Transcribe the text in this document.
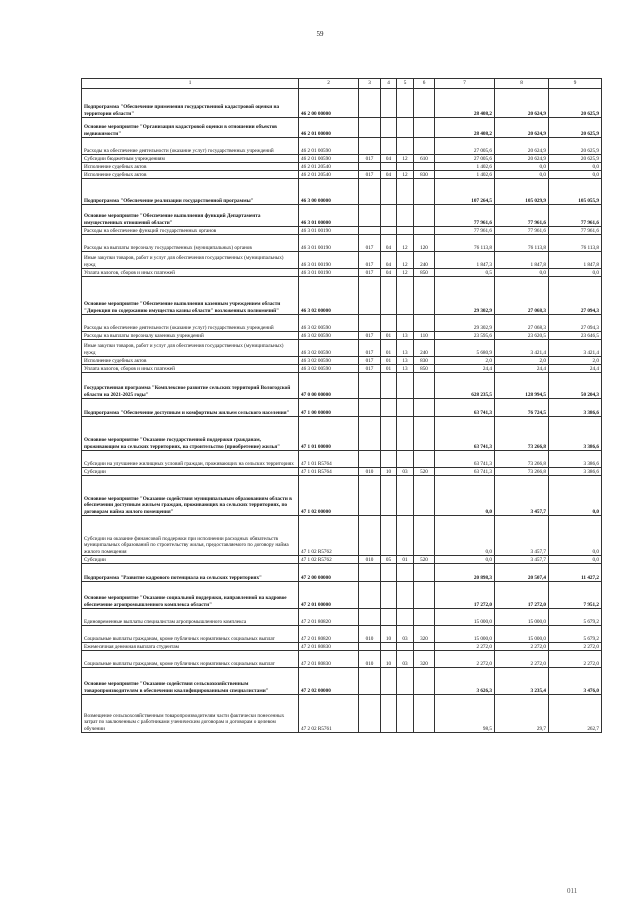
59
1	2	3	4	5	6	7	8	9
Подпрограмма "Обеспечение применения государственной кадастровой оценки на территории области"	46 2 00 00000					28 408,2	20 624,9	20 625,9
Основное мероприятие "Организация кадастровой оценки в отношении объектов недвижимости"	46 2 01 00000					28 408,2	20 624,9	20 625,9
Расходы на обеспечение деятельности (оказание услуг) государственных учреждений	46 2 01 00590					27 005,6	20 624,9	20 625,9
Субсидии бюджетным учреждениям	46 2 01 00590	017	04	12	610	27 005,6	20 624,9	20 625,9
Исполнение судебных актов	46 2 01 20540					1 402,6	0,0	0,0
Исполнение судебных актов	46 2 01 20540	017	04	12	830	1 402,6	0,0	0,0
Подпрограмма "Обеспечение реализации государственной программы"	46 3 00 00000					107 264,5	105 029,9	105 055,9
Основное мероприятие "Обеспечение выполнения функций Департамента имущественных отношений области"	46 3 01 00000					77 961,6	77 961,6	77 961,6
Расходы на обеспечение функций государственных органов	46 3 01 00190					77 961,6	77 961,6	77 961,6
Расходы на выплаты персоналу государственных (муниципальных) органов	46 3 01 00190	017	04	12	120	76 113,8	76 113,8	76 113,8
Иные закупки товаров, работ и услуг для обеспечения государственных (муниципальных) нужд	46 3 01 00190	017	04	12	240	1 847,3	1 847,8	1 847,8
Уплата налогов, сборов и иных платежей	46 3 01 00190	017	04	12	850	0,5	0,0	0,0
Основное мероприятие "Обеспечение выполнения казенным учреждением области "Дирекция по содержанию имущества казны области" возложенных полномочий"	46 3 02 00000					29 302,9	27 068,3	27 094,3
Расходы на обеспечение деятельности (оказание услуг) государственных учреждений	46 3 02 00590					29 302,9	27 068,3	27 094,3
Расходы на выплаты персоналу казенных учреждений	46 3 02 00590	017	01	13	110	23 595,6	23 620,5	23 646,5
Иные закупки товаров, работ и услуг для обеспечения государственных (муниципальных) нужд	46 3 02 00590	017	01	13	240	5 680,9	3 421,4	3 421,4
Исполнение судебных актов	46 3 02 00590	017	01	13	830	2,0	2,0	2,0
Уплата налогов, сборов и иных платежей	46 3 02 00590	017	01	13	850	24,4	24,4	24,4
Государственная программа "Комплексное развитие сельских территорий Вологодской области на 2021-2025 годы"	47 0 00 00000					628 235,5	128 994,5	50 204,3
Подпрограмма "Обеспечение доступным и комфортным жильем сельского населения"	47 1 00 00000					63 741,3	76 724,5	3 386,6
Основное мероприятие "Оказание государственной поддержки гражданам, проживающим на сельских территориях, на строительство (приобретение) жилья"	47 1 01 00000					63 741,3	73 266,8	3 386,6
Субсидии на улучшение жилищных условий граждан, проживающих на сельских территориях	47 1 01 R5764					63 741,3	73 266,8	3 386,6
Субсидии	47 1 01 R5764	010	10	03	520	63 741,3	73 266,8	3 386,6
Основное мероприятие "Оказание содействия муниципальным образованиям области в обеспечении доступным жильем граждан, проживающих на сельских территориях, по договорам найма жилого помещения"	47 1 02 00000					0,0	3 457,7	0,0
Субсидии на оказание финансовой поддержки при исполнении расходных обязательств муниципальных образований по строительству жилья, предоставляемого по договору найма жилого помещения	47 1 02 R5762					0,0	3 457,7	0,0
Субсидии	47 1 02 R5762	010	05	01	520	0,0	3 457,7	0,0
Подпрограмма "Развитие кадрового потенциала на сельских территориях"	47 2 00 00000					20 898,3	20 507,4	11 427,2
Основное мероприятие "Оказание социальной поддержки, направленной на кадровое обеспечение агропромышленного комплекса области"	47 2 01 00000					17 272,0	17 272,0	7 951,2
Единовременные выплаты специалистам агропромышленного комплекса	47 2 01 80820					15 000,0	15 000,0	5 679,2
Социальные выплаты гражданам, кроме публичных нормативных социальных выплат	47 2 01 80820	010	10	03	320	15 000,0	15 000,0	5 679,2
Ежемесячная денежная выплата студентам	47 2 01 80830					2 272,0	2 272,0	2 272,0
Социальные выплаты гражданам, кроме публичных нормативных социальных выплат	47 2 01 80830	010	10	03	320	2 272,0	2 272,0	2 272,0
Основное мероприятие "Оказание содействия сельскохозяйственным товаропроизводителям в обеспечении квалифицированными специалистами"	47 2 02 00000					3 626,3	3 235,4	3 476,0
Возмещение сельскохозяйственным товаропроизводителям части фактически понесенных затрат по заключенным с работниками ученическим договорам и договорам о целевом обучении	47 2 02 R5761					98,5	29,7	262,7
011
